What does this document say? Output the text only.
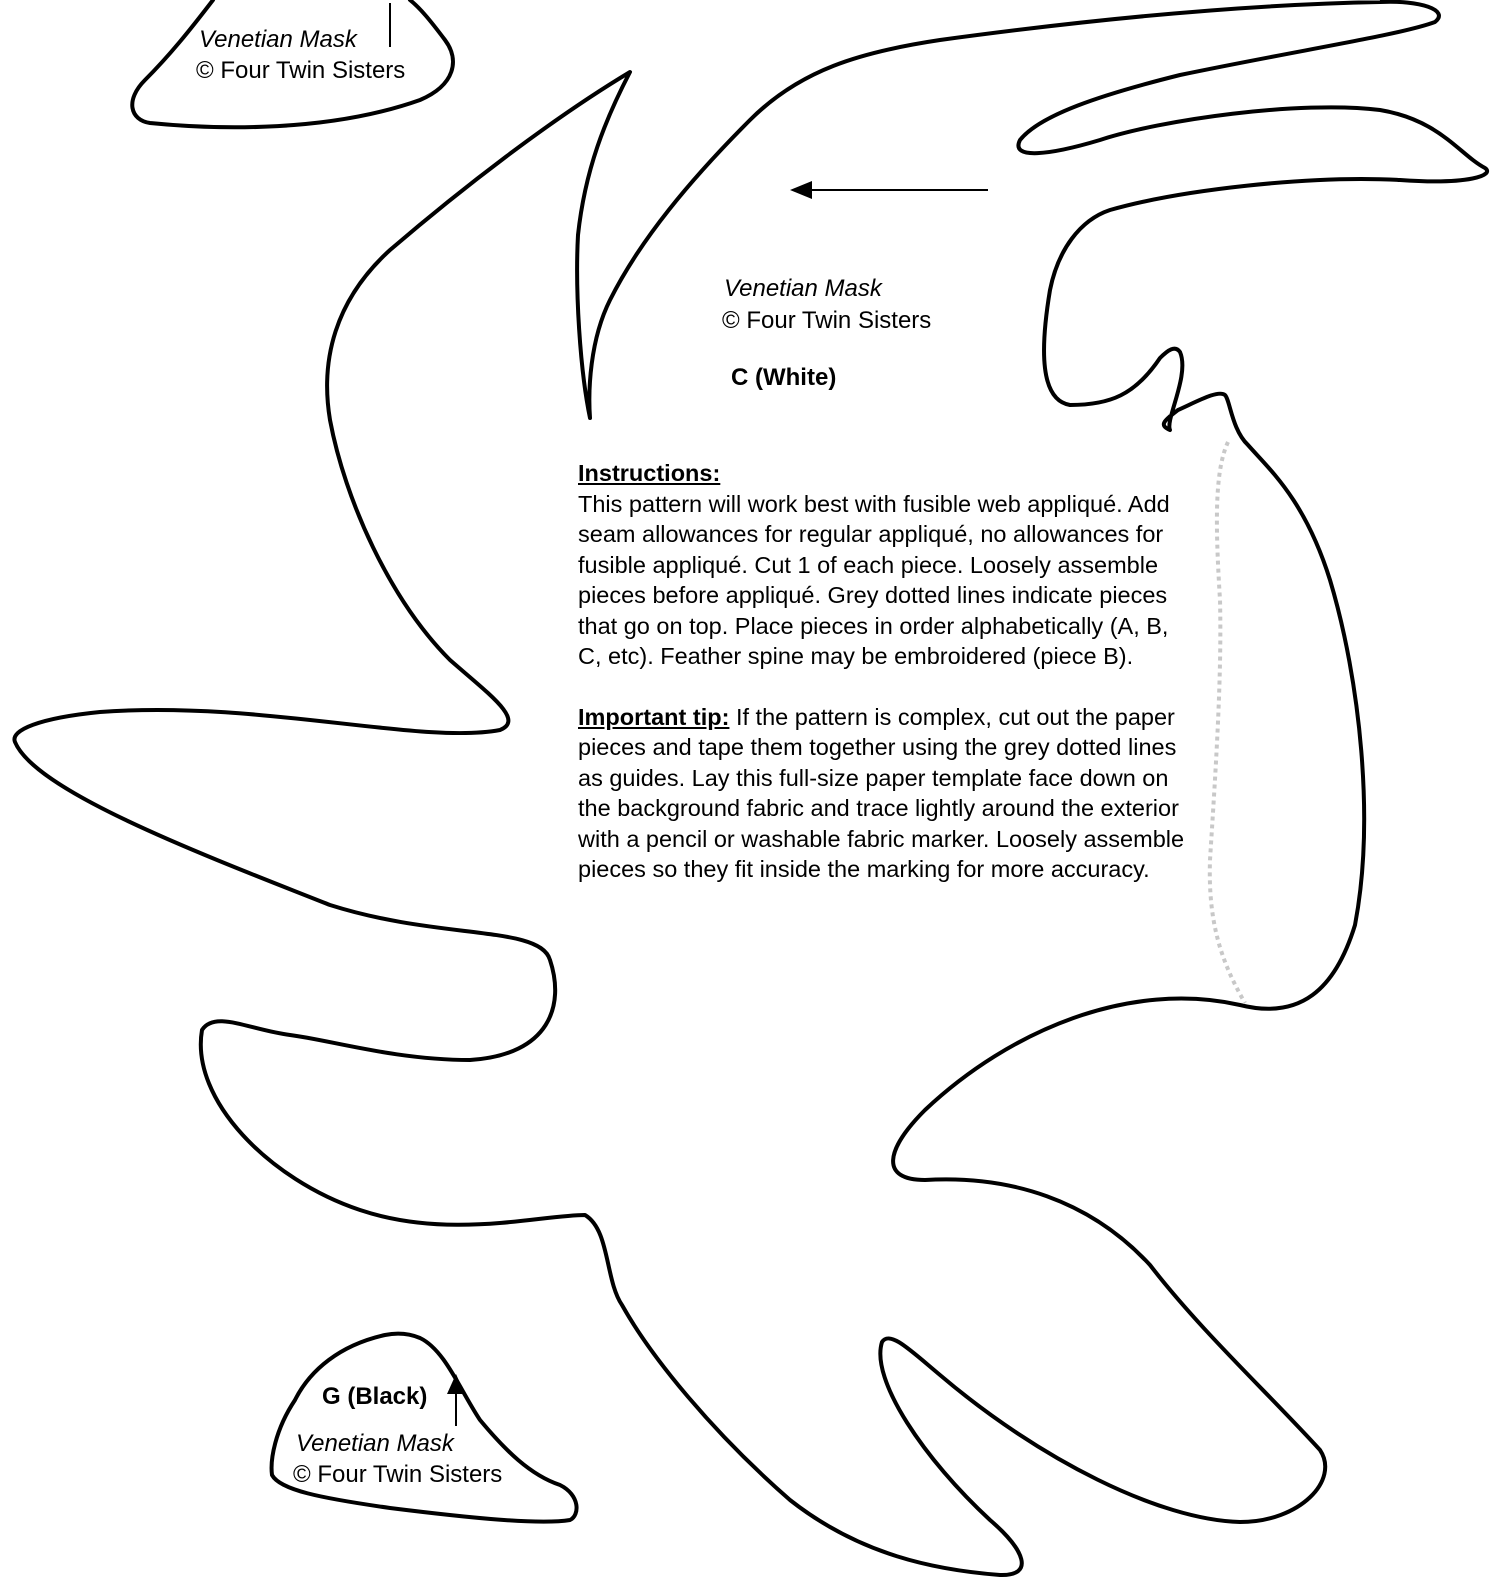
Venetian Mask
© Four Twin Sisters
Venetian Mask
© Four Twin Sisters
C (White)

Instructions:
This pattern will work best with fusible web appliqué. Add seam allowances for regular appliqué, no allowances for fusible appliqué. Cut 1 of each piece. Loosely assemble pieces before appliqué. Grey dotted lines indicate pieces that go on top. Place pieces in order alphabetically (A, B, C, etc). Feather spine may be embroidered (piece B).

Important tip: If the pattern is complex, cut out the paper pieces and tape them together using the grey dotted lines as guides. Lay this full-size paper template face down on the background fabric and trace lightly around the exterior with a pencil or washable fabric marker. Loosely assemble pieces so they fit inside the marking for more accuracy.

G (Black)
Venetian Mask
© Four Twin Sisters
